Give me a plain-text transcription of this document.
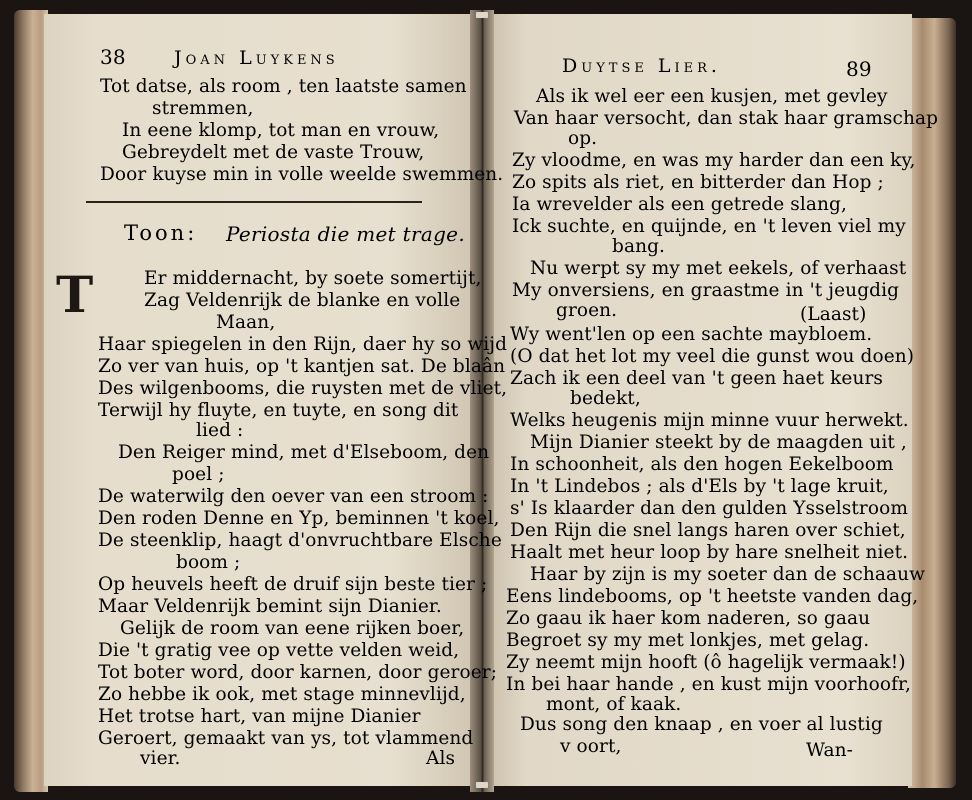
38	Joan Luykens
Tot datse, als room , ten laatste samen
stremmen,
In eene klomp, tot man en vrouw,
Gebreydelt met de vaste Trouw,
Door kuyse min in volle weelde swemmen.
Toon: Periosta die met trage.
T	Er middernacht, by soete somertijt,
Zag Veldenrijk de blanke en volle
Maan,
Haar spiegelen in den Rijn, daer hy so wijd
Zo ver van huis, op 't kantjen sat. De blaân
Des wilgenbooms, die ruysten met de vliet,
Terwijl hy fluyte, en tuyte, en song dit
lied :
Den Reiger mind, met d'Elseboom, den
poel ;
De waterwilg den oever van een stroom :
Den roden Denne en Yp, beminnen 't koel,
De steenklip, haagt d'onvruchtbare Elsche
boom ;
Op heuvels heeft de druif sijn beste tier ;
Maar Veldenrijk bemint sijn Dianier.
Gelijk de room van eene rijken boer,
Die 't gratig vee op vette velden weid,
Tot boter word, door karnen, door geroer;
Zo hebbe ik ook, met stage minnevlijd,
Het trotse hart, van mijne Dianier
Geroert, gemaakt van ys, tot vlammend
vier.	Als
Duytse Lier.	89
Als ik wel eer een kusjen, met gevley
Van haar versocht, dan stak haar gramschap
op.
Zy vloodme, en was my harder dan een ky,
Zo spits als riet, en bitterder dan Hop ;
Ia wrevelder als een getrede slang,
Ick suchte, en quijnde, en 't leven viel my
bang.
Nu werpt sy my met eekels, of verhaast
My onversiens, en graastme in 't jeugdig
groen.	(Laast)
Wy went'len op een sachte maybloem.
(O dat het lot my veel die gunst wou doen)
Zach ik een deel van 't geen haet keurs
bedekt,
Welks heugenis mijn minne vuur herwekt.
Mijn Dianier steekt by de maagden uit ,
In schoonheit, als den hogen Eekelboom
In 't Lindebos ; als d'Els by 't lage kruit,
s' Is klaarder dan den gulden Ysselstroom
Den Rijn die snel langs haren over schiet,
Haalt met heur loop by hare snelheit niet.
Haar by zijn is my soeter dan de schaauw
Eens lindebooms, op 't heetste vanden dag,
Zo gaau ik haer kom naderen, so gaau
Begroet sy my met lonkjes, met gelag.
Zy neemt mijn hooft (ô hagelijk vermaak!)
In bei haar hande , en kust mijn voorhoofr,
mont, of kaak.
Dus song den knaap , en voer al lustig
v oort,	Wan-
